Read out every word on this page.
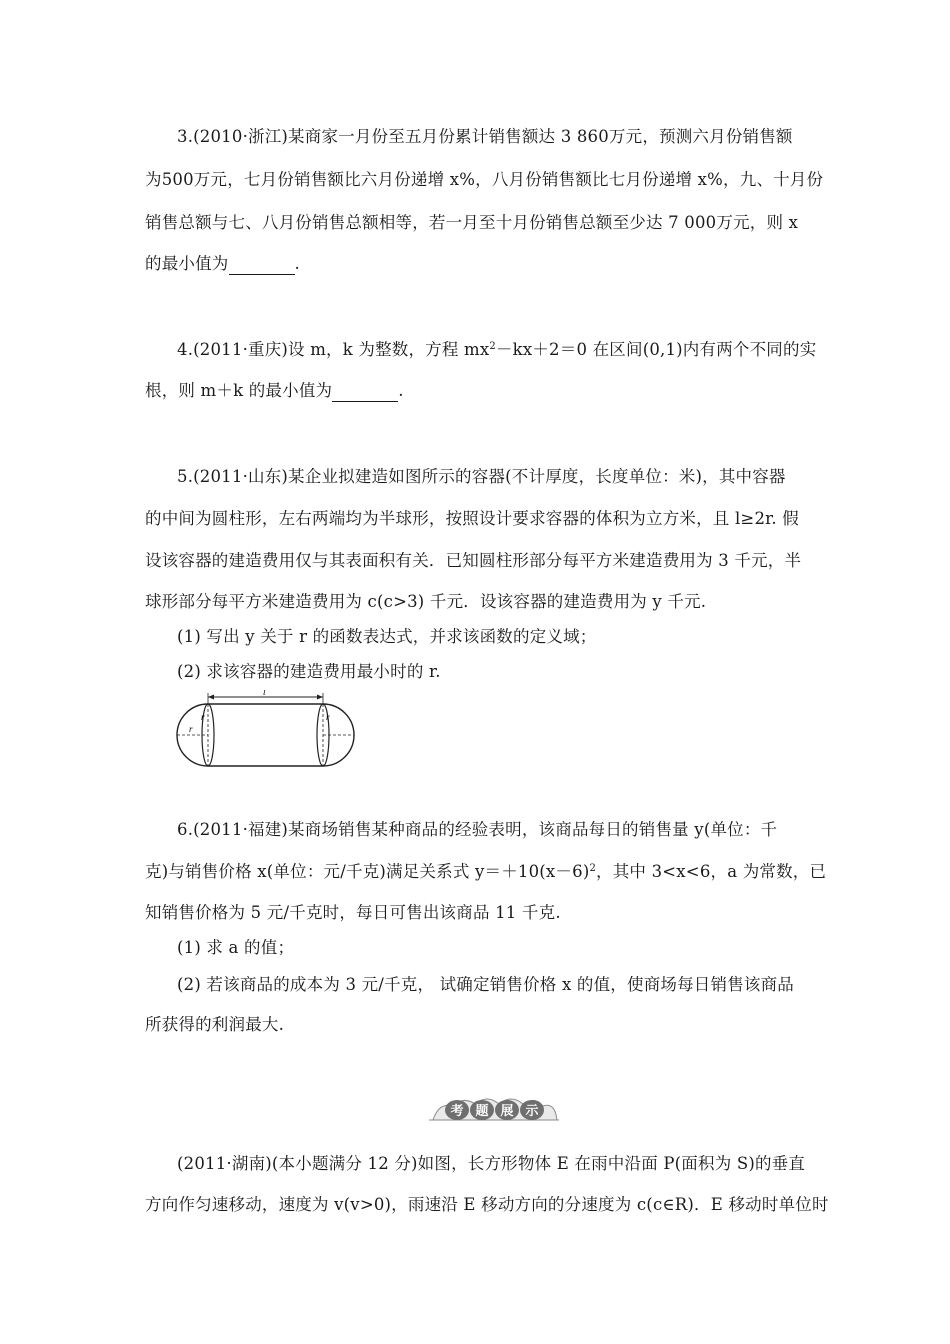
3.(2010·浙江)某商家一月份至五月份累计销售额达 3 860万元，预测六月份销售额
为500万元，七月份销售额比六月份递增 x%，八月份销售额比七月份递增 x%，九、十月份
销售总额与七、八月份销售总额相等，若一月至十月份销售总额至少达 7 000万元，则 x
的最小值为	.
4.(2011·重庆)设 m，k 为整数，方程 $mx^2-kx+2=0$ 在区间(0,1)内有两个不同的实
根，则 m＋k 的最小值为	.
5.(2011·山东)某企业拟建造如图所示的容器(不计厚度，长度单位：米)，其中容器
的中间为圆柱形，左右两端均为半球形，按照设计要求容器的体积为立方米，且 l≥2r. 假
设该容器的建造费用仅与其表面积有关．已知圆柱形部分每平方米建造费用为 3 千元，半
球形部分每平方米建造费用为 c(c>3) 千元．设该容器的建造费用为 y 千元.
(1) 写出 y 关于 r 的函数表达式，并求该函数的定义域；
(2) 求该容器的建造费用最小时的 r.
l
r
r	r
6.(2011·福建)某商场销售某种商品的经验表明，该商品每日的销售量 y(单位：千
克)与销售价格 x(单位：元/千克)满足关系式 $y=+10(x-6)^2$，其中 3<x<6，a 为常数，已
知销售价格为 5 元/千克时，每日可售出该商品 11 千克.
(1) 求 a 的值；
(2) 若该商品的成本为 3 元/千克， 试确定销售价格 x 的值，使商场每日销售该商品
所获得的利润最大.
考 题 展 示
(2011·湖南)(本小题满分 12 分)如图，长方形物体 E 在雨中沿面 P(面积为 S)的垂直
方向作匀速移动，速度为 v(v>0)，雨速沿 E 移动方向的分速度为 c(c∈R)．E 移动时单位时
